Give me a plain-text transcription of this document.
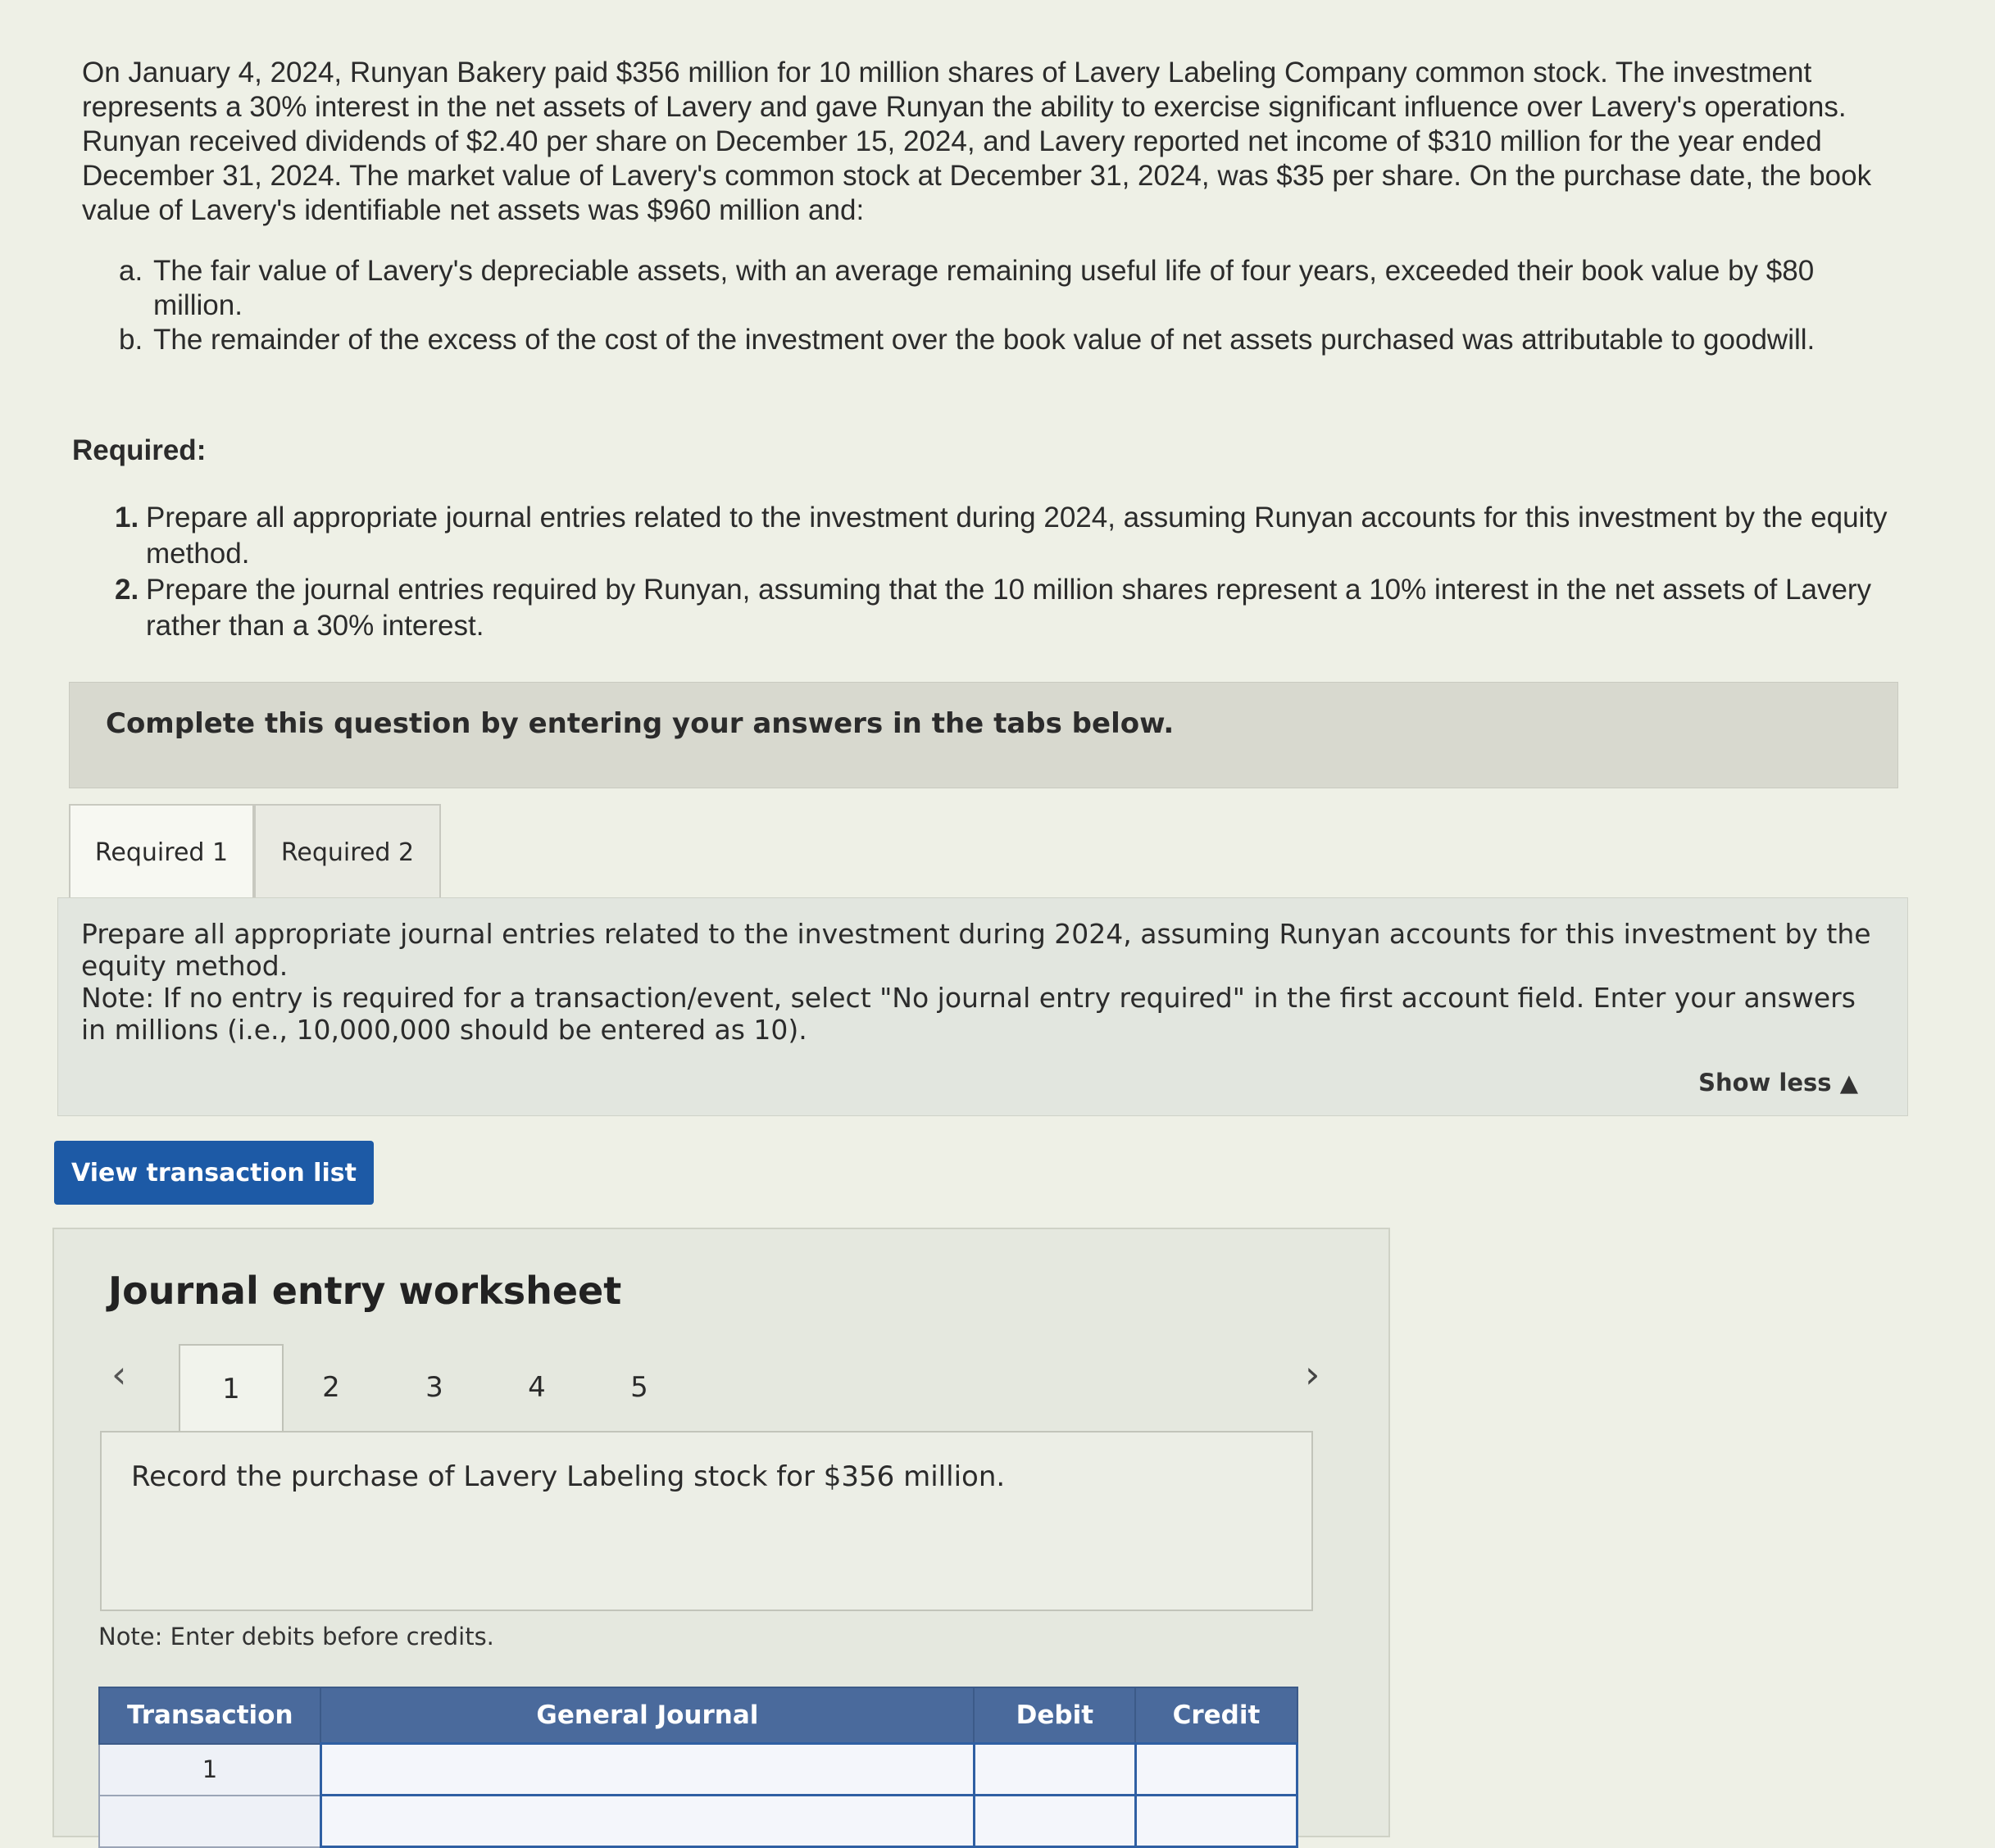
On January 4, 2024, Runyan Bakery paid $356 million for 10 million shares of Lavery Labeling Company common stock. The investment represents a 30% interest in the net assets of Lavery and gave Runyan the ability to exercise significant influence over Lavery's operations. Runyan received dividends of $2.40 per share on December 15, 2024, and Lavery reported net income of $310 million for the year ended December 31, 2024. The market value of Lavery's common stock at December 31, 2024, was $35 per share. On the purchase date, the book value of Lavery's identifiable net assets was $960 million and:

a. The fair value of Lavery's depreciable assets, with an average remaining useful life of four years, exceeded their book value by $80 million.
b. The remainder of the excess of the cost of the investment over the book value of net assets purchased was attributable to goodwill.
Required:
1. Prepare all appropriate journal entries related to the investment during 2024, assuming Runyan accounts for this investment by the equity method.
2. Prepare the journal entries required by Runyan, assuming that the 10 million shares represent a 10% interest in the net assets of Lavery rather than a 30% interest.
Complete this question by entering your answers in the tabs below.
Required 1	Required 2

Prepare all appropriate journal entries related to the investment during 2024, assuming Runyan accounts for this investment by the equity method.

Note: If no entry is required for a transaction/event, select "No journal entry required" in the first account field. Enter your answers in millions (i.e., 10,000,000 should be entered as 10).

Show less ▲
View transaction list
Journal entry worksheet
‹	1	2	3	4	5	›
Record the purchase of Lavery Labeling stock for $356 million.
Note: Enter debits before credits.
Transaction	General Journal	Debit	Credit
1			
